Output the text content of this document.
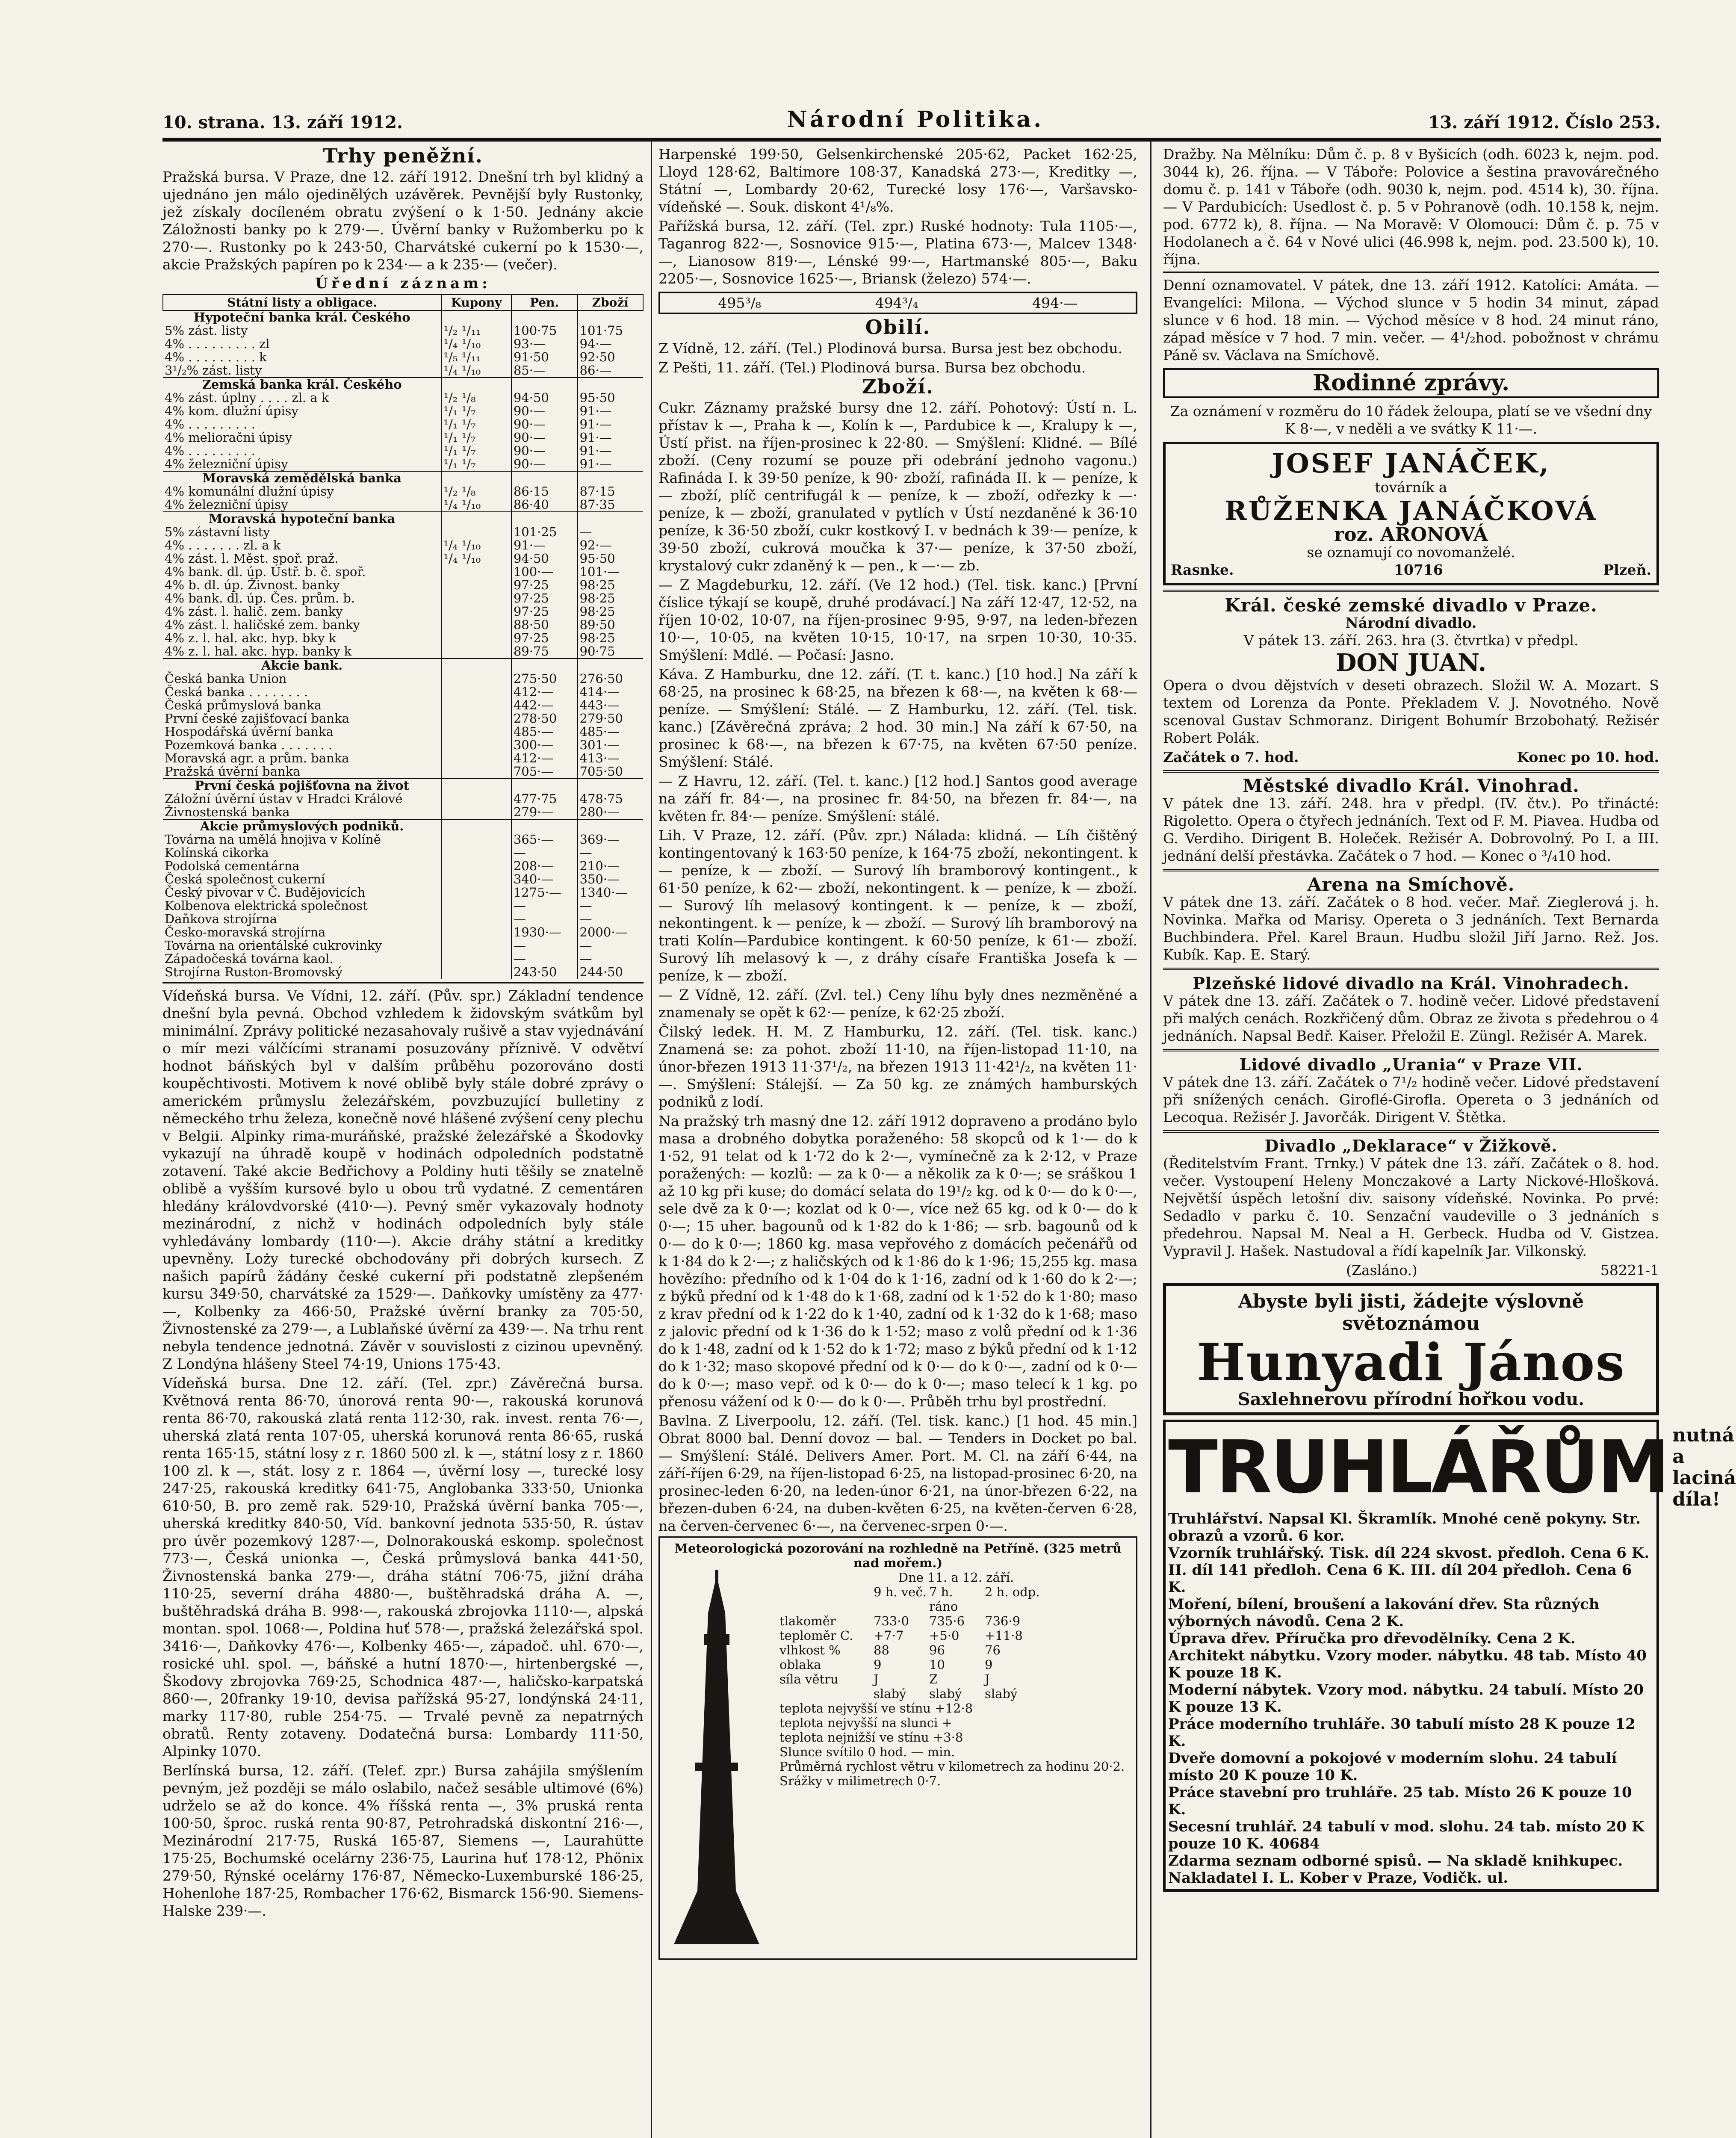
10. strana. 13. září 1912.	Národní Politika.	13. září 1912. Číslo 253.
Trhy peněžní.
Pražská bursa. V Praze, dne 12. září 1912. Dnešní trh byl klidný a ujednáno jen málo ojedinělých uzávěrek. Pevnější byly Rustonky, jež získaly docíleném obratu zvýšení o k 1·50. Jednány akcie Záložnosti banky po k 279·—. Úvěrní banky v Ružomberku po k 270·—. Rustonky po k 243·50, Charvátské cukerní po k 1530·—, akcie Pražských papíren po k 234·— a k 235·— (večer).
Úřední záznam:
Státní listy a obligace.	Kupony	Pen.	Zboží
Hypoteční banka král. Českého			
5% zást. listy	¹/₂ ¹/₁₁	100·75	101·75
4% . . . . . . . . . zl	¹/₄ ¹/₁₀	93·—	94·—
4% . . . . . . . . . k	¹/₅ ¹/₁₁	91·50	92·50
3¹/₂% zást. listy	¹/₄ ¹/₁₀	85·—	86·—
Zemská banka král. Českého			
4% zást. úplny . . . . zl. a k	¹/₂ ¹/₈	94·50	95·50
4% kom. dlužní úpisy	¹/₁ ¹/₇	90·—	91·—
4% . . . . . . . . .	¹/₁ ¹/₇	90·—	91·—
4% melioračni úpisy	¹/₁ ¹/₇	90·—	91·—
4% . . . . . . . . .	¹/₁ ¹/₇	90·—	91·—
4% železniční úpisy	¹/₁ ¹/₇	90·—	91·—
Moravská zemědělská banka			
4% komunální dlužní úpisy	¹/₂ ¹/₈	86·15	87·15
4% železniční úpisy	¹/₄ ¹/₁₀	86·40	87·35
Moravská hypoteční banka			
5% zástavní listy		101·25	—
4% . . . . . . . zl. a k	¹/₄ ¹/₁₀	91·—	92·—
4% zást. l. Měst. spoř. praž.	¹/₄ ¹/₁₀	94·50	95·50
4% bank. dl. úp. Ústř. b. č. spoř.		100·—	101·—
4% b. dl. úp. Živnost. banky		97·25	98·25
4% bank. dl. úp. Čes. prům. b.		97·25	98·25
4% zást. l. halič. zem. banky		97·25	98·25
4% zást. l. haličské zem. banky		88·50	89·50
4% z. l. hal. akc. hyp. bky k		97·25	98·25
4% z. l. hal. akc. hyp. banky k		89·75	90·75
Akcie bank.			
Česká banka Union		275·50	276·50
Česká banka . . . . . . . .		412·—	414·—
Česká průmyslová banka		442·—	443·—
První české zajišťovací banka		278·50	279·50
Hospodářská úvěrní banka		485·—	485·—
Pozemková banka . . . . . . .		300·—	301·—
Moravská agr. a prům. banka		412·—	413·—
Pražská úvěrní banka		705·—	705·50
První česká pojišťovna na život			
Záložní úvěrní ústav v Hradci Králové		477·75	478·75
Živnostenská banka		279·—	280·—
Akcie průmyslových podniků.			
Továrna na umělá hnojiva v Kolíně		365·—	369·—
Kolínská cikorka		—	—
Podolská cementárna		208·—	210·—
Česká společnost cukerní		340·—	350·—
Český pivovar v Č. Budějovicích		1275·—	1340·—
Kolbenova elektrická společnost		—	—
Daňkova strojírna		—	—
Česko-moravská strojírna		1930·—	2000·—
Továrna na orientálské cukrovinky		—	—
Západočeská továrna kaol.		—	—
Strojírna Ruston-Bromovský		243·50	244·50
Vídeňská bursa. Ve Vídni, 12. září. (Pův. spr.) Základní tendence dnešní byla pevná. Obchod vzhledem k židovským svátkům byl minimální. Zprávy politické nezasahovaly rušivě a stav vyjednávání o mír mezi válčícími stranami posuzovány příznivě. V odvětví hodnot báňských byl v dalším průběhu pozorováno dosti koupěchtivosti. Motivem k nové oblibě byly stále dobré zprávy o americkém průmyslu železářském, povzbuzující bulletiny z německého trhu železa, konečně nové hlášené zvýšení ceny plechu v Belgii. Alpinky rima-muráňské, pražské železářské a Škodovky vykazují na úhradě koupě v hodinách odpoledních podstatně zotavení. Také akcie Bedřichovy a Poldiny huti těšily se znatelně oblibě a vyšším kursové bylo u obou trů vydatné. Z cementáren hledány královdvorské (410·—). Pevný směr vykazovaly hodnoty mezinárodní, z nichž v hodinách odpoledních byly stále vyhledávány lombardy (110·—). Akcie dráhy státní a kreditky upevněny. Loży turecké obchodovány při dobrých kursech. Z našich papírů žádány české cukerní při podstatně zlepšeném kursu 349·50, charvátské za 1529·—. Daňkovky umístěny za 477·—, Kolbenky za 466·50, Pražské úvěrní branky za 705·50, Živnostenské za 279·—, a Lublaňské úvěrní za 439·—. Na trhu rent nebyla tendence jednotná. Závěr v souvislosti z cizinou upevněný. Z Londýna hlášeny Steel 74·19, Unions 175·43.
Vídeňská bursa. Dne 12. září. (Tel. zpr.) Závěrečná bursa. Květnová renta 86·70, únorová renta 90·—, rakouská korunová renta 86·70, rakouská zlatá renta 112·30, rak. invest. renta 76·—, uherská zlatá renta 107·05, uherská korunová renta 86·65, ruská renta 165·15, státní losy z r. 1860 500 zl. k —, státní losy z r. 1860 100 zl. k —, stát. losy z r. 1864 —, úvěrní losy —, turecké losy 247·25, rakouská kreditky 641·75, Anglobanka 333·50, Unionka 610·50, B. pro země rak. 529·10, Pražská úvěrní banka 705·—, uherská kreditky 840·50, Víd. bankovní jednota 535·50, R. ústav pro úvěr pozemkový 1287·—, Dolnorakouská eskomp. společnost 773·—, Česká unionka —, Česká průmyslová banka 441·50, Živnostenská banka 279·—, dráha státní 706·75, jižní dráha 110·25, severní dráha 4880·—, buštěhradská dráha A. —, buštěhradská dráha B. 998·—, rakouská zbrojovka 1110·—, alpská montan. spol. 1068·—, Poldina huť 578·—, pražská železářská spol. 3416·—, Daňkovky 476·—, Kolbenky 465·—, západoč. uhl. 670·—, rosické uhl. spol. —, báňské a hutní 1870·—, hirtenbergské —, Škodovy zbrojovka 769·25, Schodnica 487·—, haličsko-karpatská 860·—, 20franky 19·10, devisa pařížská 95·27, londýnská 24·11, marky 117·80, ruble 254·75. — Trvalé pevně za nepatrných obratů. Renty zotaveny. Dodatečná bursa: Lombardy 111·50, Alpinky 1070.
Berlínská bursa, 12. září. (Telef. zpr.) Bursa zahájila smýšlením pevným, jež později se málo oslabilo, načež sesáble ultimové (6%) udrželo se až do konce. 4% říšská renta —, 3% pruská renta 100·50, šproc. ruská renta 90·87, Petrohradská diskontní 216·—, Mezinárodní 217·75, Ruská 165·87, Siemens —, Laurahütte 175·25, Bochumské ocelárny 236·75, Laurina huť 178·12, Phönix 279·50, Rýnské ocelárny 176·87, Německo-Luxemburské 186·25, Hohenlohe 187·25, Rombacher 176·62, Bismarck 156·90. Siemens-Halske 239·—.
Harpenské 199·50, Gelsenkirchenské 205·62, Packet 162·25, Lloyd 128·62, Baltimore 108·37, Kanadská 273·—, Kreditky —, Státní —, Lombardy 20·62, Turecké losy 176·—, Varšavsko-vídeňské —. Souk. diskont 4¹/₈%.
Pařížská bursa, 12. září. (Tel. zpr.) Ruské hodnoty: Tula 1105·—, Taganrog 822·—, Sosnovice 915·—, Platina 673·—, Malcev 1348·—, Lianosow 819·—, Lénské 99·—, Hartmanské 805·—, Baku 2205·—, Sosnovice 1625·—, Briansk (železo) 574·—.
495³/₈	494³/₄	494·—
Obilí.
Z Vídně, 12. září. (Tel.) Plodinová bursa. Bursa jest bez obchodu.
Z Pešti, 11. září. (Tel.) Plodinová bursa. Bursa bez obchodu.
Zboží.
Cukr. Záznamy pražské bursy dne 12. září. Pohotový: Ústí n. L. přístav k —, Praha k —, Kolín k —, Pardubice k —, Kralupy k —, Ústí přist. na říjen-prosinec k 22·80. — Smýšlení: Klidné. — Bílé zboží. (Ceny rozumí se pouze při odebrání jednoho vagonu.) Rafináda I. k 39·50 peníze, k 90· zboží, rafináda II. k — peníze, k — zboží, plíč centrifugál k — peníze, k — zboží, odřezky k —· peníze, k — zboží, granulated v pytlích v Ústí nezdaněné k 36·10 peníze, k 36·50 zboží, cukr kostkový I. v bednách k 39·— peníze, k 39·50 zboží, cukrová moučka k 37·— peníze, k 37·50 zboží, krystalový cukr zdaněný k — pen., k —·— zb.
— Z Magdeburku, 12. září. (Ve 12 hod.) (Tel. tisk. kanc.) [První číslice týkají se koupě, druhé prodávací.] Na září 12·47, 12·52, na říjen 10·02, 10·07, na říjen-prosinec 9·95, 9·97, na leden-březen 10·—, 10·05, na květen 10·15, 10·17, na srpen 10·30, 10·35. Smýšlení: Mdlé. — Počasí: Jasno.
Káva. Z Hamburku, dne 12. září. (T. t. kanc.) [10 hod.] Na září k 68·25, na prosinec k 68·25, na březen k 68·—, na květen k 68·— peníze. — Smýšlení: Stálé. — Z Hamburku, 12. září. (Tel. tisk. kanc.) [Závěrečná zpráva; 2 hod. 30 min.] Na září k 67·50, na prosinec k 68·—, na březen k 67·75, na květen 67·50 peníze. Smýšlení: Stálé.
— Z Havru, 12. září. (Tel. t. kanc.) [12 hod.] Santos good average na září fr. 84·—, na prosinec fr. 84·50, na březen fr. 84·—, na květen fr. 84·— peníze. Smýšlení: stálé.
Lih. V Praze, 12. září. (Pův. zpr.) Nálada: klidná. — Líh čištěný kontingentovaný k 163·50 peníze, k 164·75 zboží, nekontingent. k — peníze, k — zboží. — Surový líh bramborový kontingent., k 61·50 peníze, k 62·— zboží, nekontingent. k — peníze, k — zboží. — Surový líh melasový kontingent. k — peníze, k — zboží, nekontingent. k — peníze, k — zboží. — Surový líh bramborový na trati Kolín—Pardubice kontingent. k 60·50 peníze, k 61·— zboží. Surový líh melasový k —, z dráhy císaře Františka Josefa k — peníze, k — zboží.
— Z Vídně, 12. září. (Zvl. tel.) Ceny líhu byly dnes nezměněné a znamenaly se opět k 62·— peníze, k 62·25 zboží.
Čilský ledek. H. M. Z Hamburku, 12. září. (Tel. tisk. kanc.) Znamená se: za pohot. zboží 11·10, na říjen-listopad 11·10, na únor-březen 1913 11·37¹/₂, na březen 1913 11·42¹/₂, na květen 11·—. Smýšlení: Stálejší. — Za 50 kg. ze známých hamburských podniků z lodí.
Na pražský trh masný dne 12. září 1912 dopraveno a prodáno bylo masa a drobného dobytka poraženého: 58 skopců od k 1·— do k 1·52, 91 telat od k 1·72 do k 2·—, vymínečně za k 2·12, v Praze poražených: — kozlů: — za k 0·— a několik za k 0·—; se sráškou 1 až 10 kg při kuse; do domácí selata do 19¹/₂ kg. od k 0·— do k 0·—, sele dvě za k 0·—; kozlat od k 0·—, více než 65 kg. od k 0·— do k 0·—; 15 uher. bagounů od k 1·82 do k 1·86; — srb. bagounů od k 0·— do k 0·—; 1860 kg. masa vepřového z domácích pečenářů od k 1·84 do k 2·—; z haličských od k 1·86 do k 1·96; 15,255 kg. masa hovězího: předního od k 1·04 do k 1·16, zadní od k 1·60 do k 2·—; z býků přední od k 1·48 do k 1·68, zadní od k 1·52 do k 1·80; maso z krav přední od k 1·22 do k 1·40, zadní od k 1·32 do k 1·68; maso z jalovic přední od k 1·36 do k 1·52; maso z volů přední od k 1·36 do k 1·48, zadní od k 1·52 do k 1·72; maso z býků přední od k 1·12 do k 1·32; maso skopové přední od k 0·— do k 0·—, zadní od k 0·— do k 0·—; maso vepř. od k 0·— do k 0·—; maso telecí k 1 kg. po přenosu vážení od k 0·— do k 0·—. Průběh trhu byl prostřední.
Bavlna. Z Liverpoolu, 12. září. (Tel. tisk. kanc.) [1 hod. 45 min.] Obrat 8000 bal. Denní dovoz — bal. — Tenders in Docket po bal. — Smýšlení: Stálé. Delivers Amer. Port. M. Cl. na září 6·44, na září-říjen 6·29, na říjen-listopad 6·25, na listopad-prosinec 6·20, na prosinec-leden 6·20, na leden-únor 6·21, na únor-březen 6·22, na březen-duben 6·24, na duben-květen 6·25, na květen-červen 6·28, na červen-červenec 6·—, na červenec-srpen 0·—.
Meteorologická pozorování na rozhledně na Petříně. (325 metrů nad mořem.)
Dne 11. a 12. září.
9 h. več. 7 h. ráno
2 h. odp.
tlakoměr	733·0	735·6	736·9
teploměr C.	+7·7	+5·0	+11·8
vlhkost %	88	96	76
oblaka	9	10	9
síla větru	J	Z	J
slabý	slabý	slabý
teplota nejvyšší ve stínu +12·8
teplota nejvyšší na slunci +
teplota nejnižší ve stínu +3·8
Slunce svítilo 0 hod. — min.
Průměrná rychlost větru v kilometrech za hodinu 20·2.
Srážky v milimetrech 0·7.
Dražby. Na Mělníku: Dům č. p. 8 v Byšicích (odh. 6023 k, nejm. pod. 3044 k), 26. října. — V Táboře: Polovice a šestina pravovárečného domu č. p. 141 v Táboře (odh. 9030 k, nejm. pod. 4514 k), 30. října. — V Pardubicích: Usedlost č. p. 5 v Pohranově (odh. 10.158 k, nejm. pod. 6772 k), 8. října. — Na Moravě: V Olomouci: Dům č. p. 75 v Hodolanech a č. 64 v Nové ulici (46.998 k, nejm. pod. 23.500 k), 10. října.
Denní oznamovatel. V pátek, dne 13. září 1912. Katolíci: Amáta. — Evangelíci: Milona. — Východ slunce v 5 hodin 34 minut, západ slunce v 6 hod. 18 min. — Východ měsíce v 8 hod. 24 minut ráno, západ měsíce v 7 hod. 7 min. večer. — 4¹/₂hod. pobožnost v chrámu Páně sv. Václava na Smíchově.
Rodinné zprávy.
Za oznámení v rozměru do 10 řádek želoupa, platí se ve všední dny K 8·—, v neděli a ve svátky K 11·—.
JOSEF JANÁČEK,
továrník a
RŮŽENKA JANÁČKOVÁ
roz. ARONOVÁ
se oznamují co novomanželé.
Rasnke.	10716	Plzeň.
Král. české zemské divadlo v Praze.
Národní divadlo.
V pátek 13. září. 263. hra (3. čtvrtka) v předpl.
DON JUAN.
Opera o dvou dějstvích v deseti obrazech. Složil W. A. Mozart. S textem od Lorenza da Ponte. Překladem V. J. Novotného. Nově scenoval Gustav Schmoranz. Dirigent Bohumír Brzobohatý. Režisér Robert Polák.
Začátek o 7. hod.	Konec po 10. hod.
Městské divadlo Král. Vinohrad.
V pátek dne 13. září. 248. hra v předpl. (IV. čtv.). Po třinácté: Rigoletto. Opera o čtyřech jednáních. Text od F. M. Piavea. Hudba od G. Verdiho. Dirigent B. Holeček. Režisér A. Dobrovolný. Po I. a III. jednání delší přestávka. Začátek o 7 hod. — Konec o ³/₄10 hod.
Arena na Smíchově.
V pátek dne 13. září. Začátek o 8 hod. večer. Mař. Zieglerová j. h. Novinka. Mařka od Marisy. Opereta o 3 jednáních. Text Bernarda Buchbindera. Přel. Karel Braun. Hudbu složil Jiří Jarno. Rež. Jos. Kubík. Kap. E. Starý.
Plzeňské lidové divadlo na Král. Vinohradech.
V pátek dne 13. září. Začátek o 7. hodině večer. Lidové představení při malých cenách. Rozkřičený dům. Obraz ze života s předehrou o 4 jednáních. Napsal Bedř. Kaiser. Přeložil E. Züngl. Režisér A. Marek.
Lidové divadlo „Urania“ v Praze VII.
V pátek dne 13. září. Začátek o 7¹/₂ hodině večer. Lidové představení při snížených cenách. Giroflé-Girofla. Opereta o 3 jednáních od Lecoqua. Režisér J. Javorčák. Dirigent V. Štětka.
Divadlo „Deklarace“ v Žižkově.
(Ředitelstvím Frant. Trnky.) V pátek dne 13. září. Začátek o 8. hod. večer. Vystoupení Heleny Monczakové a Larty Nickové-Hlošková. Největší úspěch letošní div. saisony vídeňské. Novinka. Po prvé: Sedadlo v parku č. 10. Senzační vaudeville o 3 jednáních s předehrou. Napsal M. Neal a H. Gerbeck. Hudba od V. Gistzea. Vypravil J. Hašek. Nastudoval a řídí kapelník Jar. Vilkonský.
(Zasláno.)	58221-1
Abyste byli jisti, žádejte výslovně světoznámou
Hunyadi János
Saxlehnerovu přírodní hořkou vodu.
TRUHLÁŘŮM nutná a laciná díla!
Truhlářství. Napsal Kl. Škramlík. Mnohé ceně pokyny. Str. obrazů a vzorů. 6 kor.
Vzorník truhlářský. Tisk. díl 224 skvost. předloh. Cena 6 K. II. díl 141 předloh. Cena 6 K. III. díl 204 předloh. Cena 6 K.
Moření, bílení, broušení a lakování dřev. Sta různých výborných návodů. Cena 2 K.
Úprava dřev. Příručka pro dřevodělníky. Cena 2 K.
Architekt nábytku. Vzory moder. nábytku. 48 tab. Místo 40 K pouze 18 K.
Moderní nábytek. Vzory mod. nábytku. 24 tabulí. Místo 20 K pouze 13 K.
Práce moderního truhláře. 30 tabulí místo 28 K pouze 12 K.
Dveře domovní a pokojové v moderním slohu. 24 tabulí místo 20 K pouze 10 K.
Práce stavební pro truhláře. 25 tab. Místo 26 K pouze 10 K.
Secesní truhlář. 24 tabulí v mod. slohu. 24 tab. místo 20 K pouze 10 K. 40684
Zdarma seznam odborné spisů. — Na skladě knihkupec.
Nakladatel I. L. Kober v Praze, Vodičk. ul.
